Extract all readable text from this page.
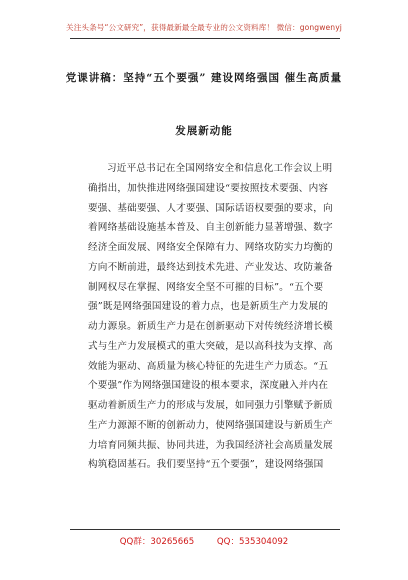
关注头条号“公文研究”，获得最新最全最专业的公文资料库！ 微信：gongwenyj
党课讲稿：坚持“五个要强” 建设网络强国 催生高质量
发展新动能
习近平总书记在全国网络安全和信息化工作会议上明
确指出，加快推进网络强国建设“要按照技术要强、内容
要强、基础要强、人才要强、国际话语权要强的要求，向
着网络基础设施基本普及、自主创新能力显著增强、数字
经济全面发展、网络安全保障有力、网络攻防实力均衡的
方向不断前进，最终达到技术先进、产业发达、攻防兼备
制网权尽在掌握、网络安全坚不可摧的目标”。“五个要
强”既是网络强国建设的着力点，也是新质生产力发展的
动力源泉。新质生产力是在创新驱动下对传统经济增长模
式与生产力发展模式的重大突破，是以高科技为支撑、高
效能为驱动、高质量为核心特征的先进生产力质态。“五
个要强”作为网络强国建设的根本要求，深度融入并内在
驱动着新质生产力的形成与发展，如同强力引擎赋予新质
生产力源源不断的创新动力，使网络强国建设与新质生产
力培育同频共振、协同共进，为我国经济社会高质量发展
构筑稳固基石。我们要坚持“五个要强”，建设网络强国
QQ群：30265665	QQ：535304092
